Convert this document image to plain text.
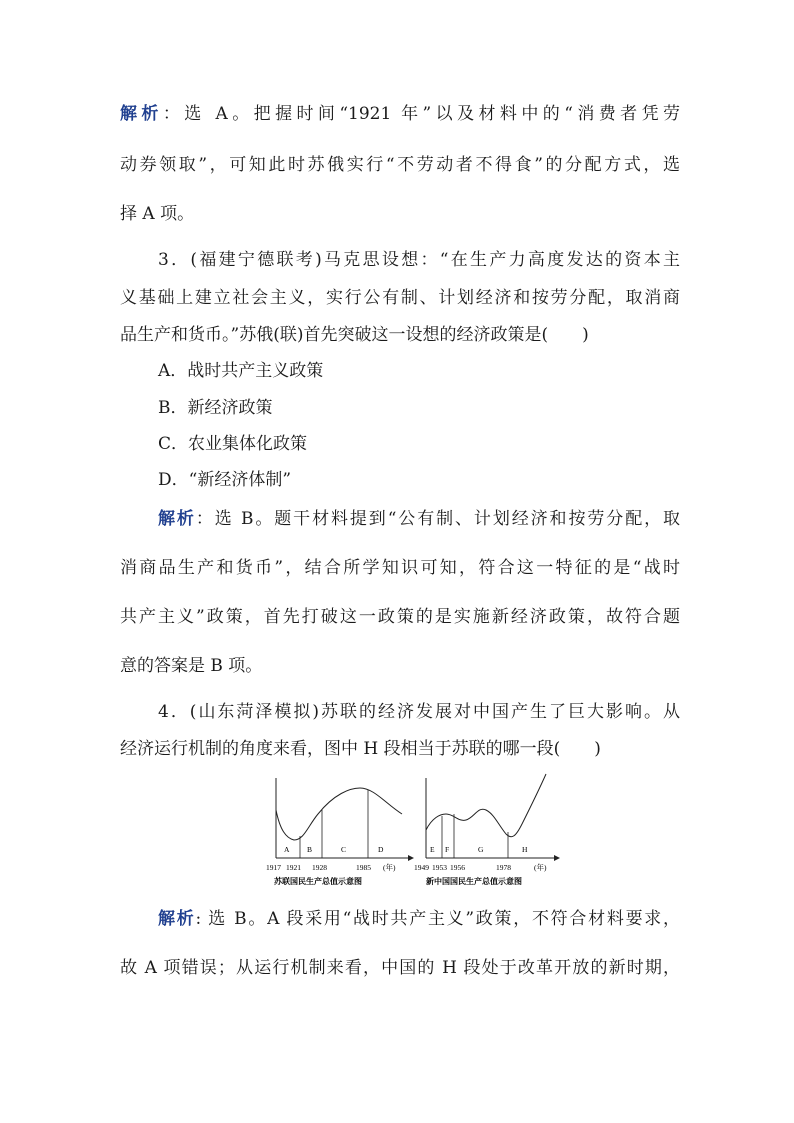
解析：选 A。把握时间“1921 年”以及材料中的“消费者凭劳
动券领取”，可知此时苏俄实行“不劳动者不得食”的分配方式，选
择 A 项。
3．(福建宁德联考)马克思设想：“在生产力高度发达的资本主
义基础上建立社会主义，实行公有制、计划经济和按劳分配，取消商
品生产和货币。”苏俄(联)首先突破这一设想的经济政策是(　　)
A．战时共产主义政策
B．新经济政策
C．农业集体化政策
D．“新经济体制”
解析：选 B。题干材料提到“公有制、计划经济和按劳分配，取
消商品生产和货币”，结合所学知识可知，符合这一特征的是“战时
共产主义”政策，首先打破这一政策的是实施新经济政策，故符合题
意的答案是 B 项。
4．(山东菏泽模拟)苏联的经济发展对中国产生了巨大影响。从
经济运行机制的角度来看，图中 H 段相当于苏联的哪一段(　　)
A B	C	D
1917 1921 1928	1985 (年)
苏联国民生产总值示意图
E F	G	H
1949 1953 1956	1978	(年)
新中国国民生产总值示意图
解析: 选 B。A 段采用“战时共产主义”政策，不符合材料要求，
故 A 项错误；从运行机制来看，中国的 H 段处于改革开放的新时期，
